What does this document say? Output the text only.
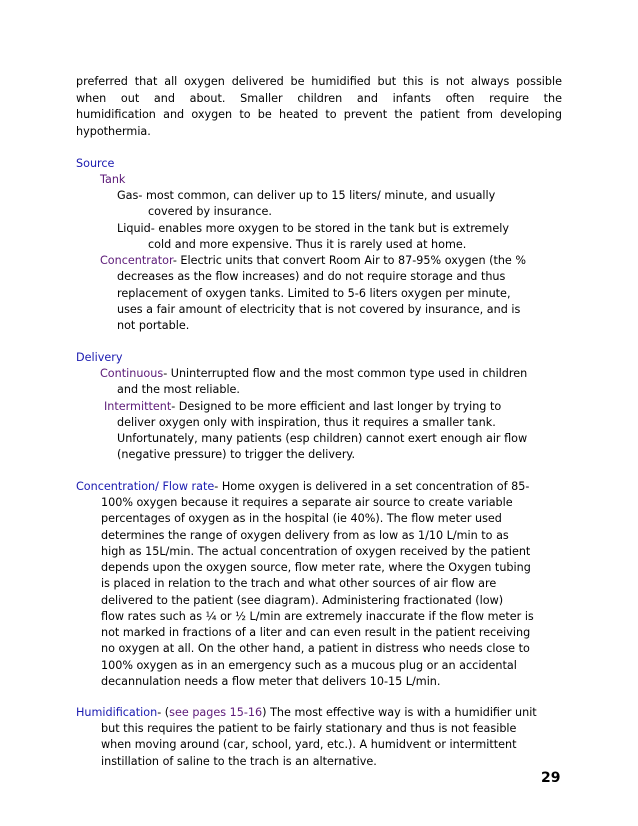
preferred that all oxygen delivered be humidified but this is not always possible
when out and about. Smaller children and infants often require the
humidification and oxygen to be heated to prevent the patient from developing
hypothermia.
Source
Tank
Gas- most common, can deliver up to 15 liters/ minute, and usually
covered by insurance.
Liquid- enables more oxygen to be stored in the tank but is extremely
cold and more expensive. Thus it is rarely used at home.
Concentrator- Electric units that convert Room Air to 87-95% oxygen (the %
decreases as the flow increases) and do not require storage and thus
replacement of oxygen tanks. Limited to 5-6 liters oxygen per minute,
uses a fair amount of electricity that is not covered by insurance, and is
not portable.
Delivery
Continuous- Uninterrupted flow and the most common type used in children
and the most reliable.
Intermittent- Designed to be more efficient and last longer by trying to
deliver oxygen only with inspiration, thus it requires a smaller tank.
Unfortunately, many patients (esp children) cannot exert enough air flow
(negative pressure) to trigger the delivery.
Concentration/ Flow rate- Home oxygen is delivered in a set concentration of 85-
100% oxygen because it requires a separate air source to create variable
percentages of oxygen as in the hospital (ie 40%). The flow meter used
determines the range of oxygen delivery from as low as 1/10 L/min to as
high as 15L/min. The actual concentration of oxygen received by the patient
depends upon the oxygen source, flow meter rate, where the Oxygen tubing
is placed in relation to the trach and what other sources of air flow are
delivered to the patient (see diagram). Administering fractionated (low)
flow rates such as ¼ or ½ L/min are extremely inaccurate if the flow meter is
not marked in fractions of a liter and can even result in the patient receiving
no oxygen at all. On the other hand, a patient in distress who needs close to
100% oxygen as in an emergency such as a mucous plug or an accidental
decannulation needs a flow meter that delivers 10-15 L/min.
Humidification- (see pages 15-16) The most effective way is with a humidifier unit
but this requires the patient to be fairly stationary and thus is not feasible
when moving around (car, school, yard, etc.). A humidvent or intermittent
instillation of saline to the trach is an alternative.
29
